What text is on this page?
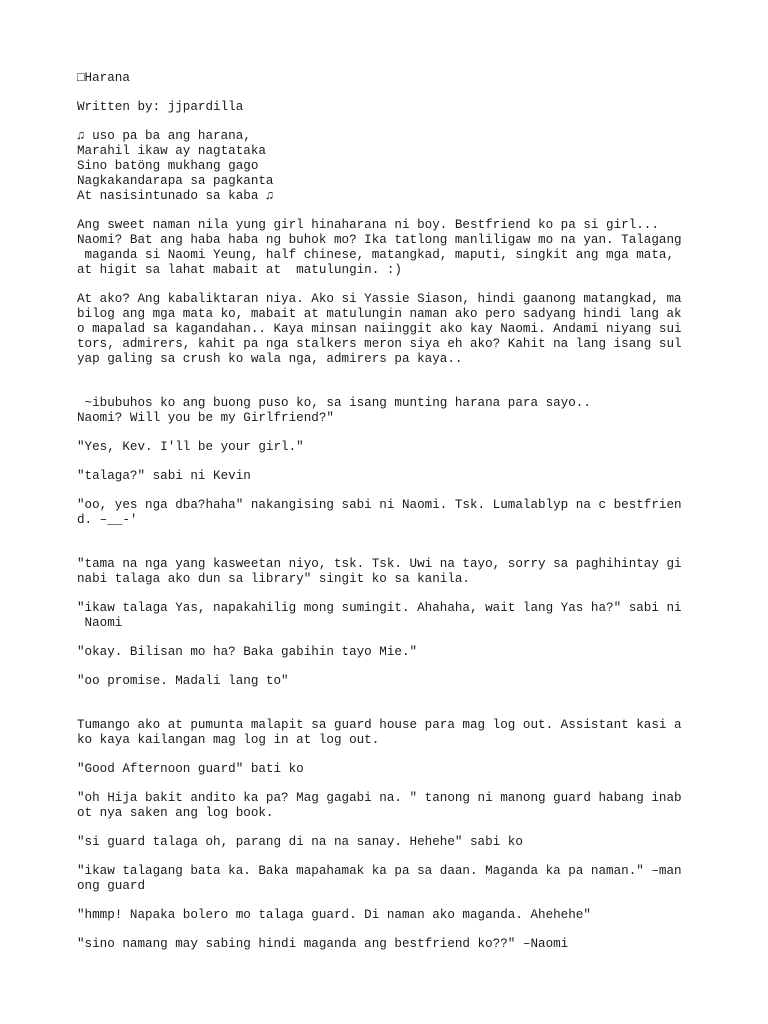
□Harana

Written by: jjpardilla

♫ uso pa ba ang harana,
Marahil ikaw ay nagtataka
Sino batöng mukhang gago
Nagkakandarapa sa pagkanta
At nasisintunado sa kaba ♫

Ang sweet naman nila yung girl hinaharana ni boy. Bestfriend ko pa si girl...
Naomi? Bat ang haba haba ng buhok mo? Ika tatlong manliligaw mo na yan. Talagang
maganda si Naomi Yeung, half chinese, matangkad, maputi, singkit ang mga mata,
at higit sa lahat mabait at  matulungin. :)

At ako? Ang kabaliktaran niya. Ako si Yassie Siason, hindi gaanong matangkad, ma
bilog ang mga mata ko, mabait at matulungin naman ako pero sadyang hindi lang ak
o mapalad sa kagandahan.. Kaya minsan naiinggit ako kay Naomi. Andami niyang sui
tors, admirers, kahit pa nga stalkers meron siya eh ako? Kahit na lang isang sul
yap galing sa crush ko wala nga, admirers pa kaya..

~ibubuhos ko ang buong puso ko, sa isang munting harana para sayo..
Naomi? Will you be my Girlfriend?"

"Yes, Kev. I'll be your girl."

"talaga?" sabi ni Kevin

"oo, yes nga dba?haha" nakangising sabi ni Naomi. Tsk. Lumalablyp na c bestfrien
d. –__-'

"tama na nga yang kasweetan niyo, tsk. Tsk. Uwi na tayo, sorry sa paghihintay gi
nabi talaga ako dun sa library" singit ko sa kanila.

"ikaw talaga Yas, napakahilig mong sumingit. Ahahaha, wait lang Yas ha?" sabi ni
Naomi

"okay. Bilisan mo ha? Baka gabihin tayo Mie."

"oo promise. Madali lang to"

Tumango ako at pumunta malapit sa guard house para mag log out. Assistant kasi a
ko kaya kailangan mag log in at log out.

"Good Afternoon guard" bati ko

"oh Hija bakit andito ka pa? Mag gagabi na. " tanong ni manong guard habang inab
ot nya saken ang log book.

"si guard talaga oh, parang di na na sanay. Hehehe" sabi ko

"ikaw talagang bata ka. Baka mapahamak ka pa sa daan. Maganda ka pa naman." –man
ong guard

"hmmp! Napaka bolero mo talaga guard. Di naman ako maganda. Ahehehe"

"sino namang may sabing hindi maganda ang bestfriend ko??" –Naomi
